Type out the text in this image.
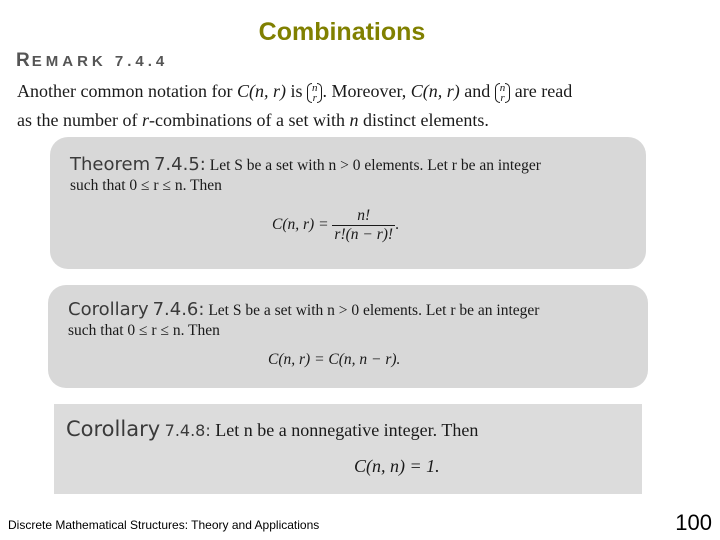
Combinations
REMARK 7.4.4
Another common notation for C(n, r) is n
r . Moreover, C(n, r) and n
r are read
as the number of r-combinations of a set with n distinct elements.
Theorem 7.4.5: Let S be a set with n > 0 elements. Let r be an integer
such that 0 ≤ r ≤ n. Then
C(n, $r) = \frac{n!}{r!(n - r)!}$ .
Corollary 7.4.6: Let S be a set with n > 0 elements. Let r be an integer
such that 0 ≤ r ≤ n. Then
C(n, r) = C(n, n − r).
Corollary 7.4.8: Let n be a nonnegative integer. Then
C(n, n) = 1.
Discrete Mathematical Structures: Theory and Applications	100
